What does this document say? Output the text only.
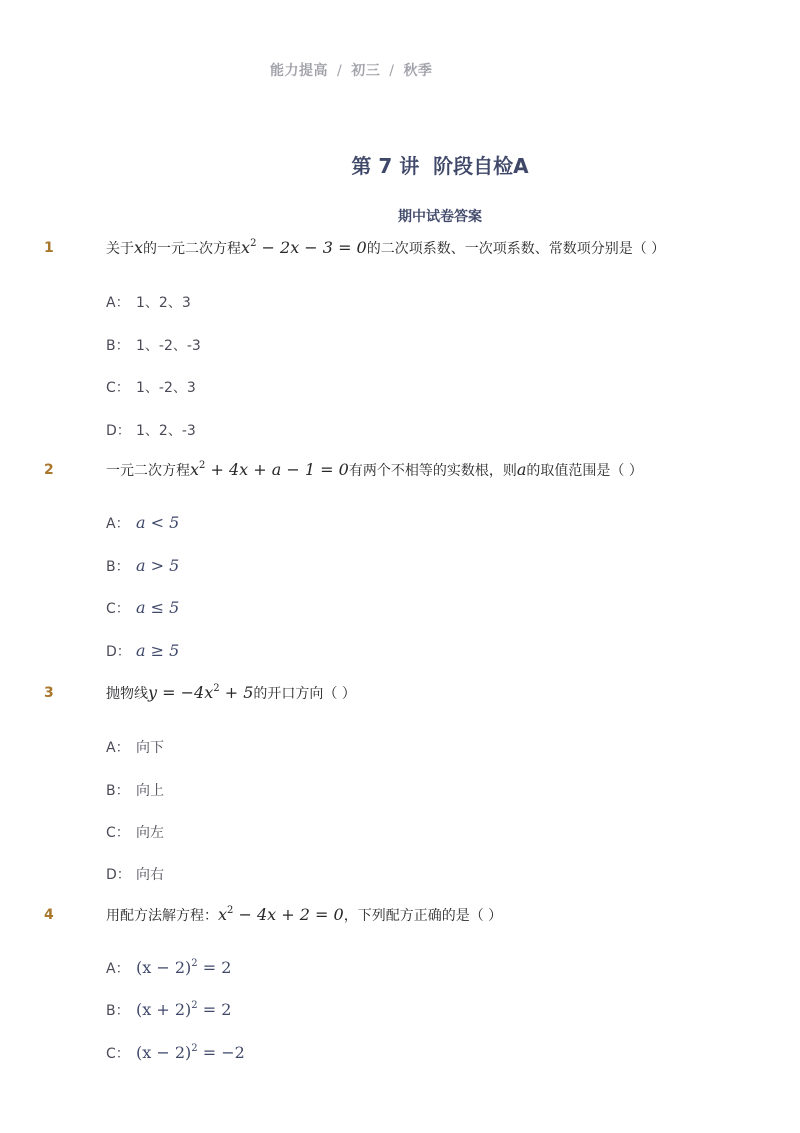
能力提高 / 初三 / 秋季
第 7 讲  阶段自检A
期中试卷答案
1	关于x的一元二次方程$x^2 - 2x - 3 = 0$的二次项系数、一次项系数、常数项分别是（ ）
A： 1、2、3
B： 1、-2、-3
C： 1、-2、3
D： 1、2、-3
2	一元二次方程$x^2 + 4x + a - 1 = 0$有两个不相等的实数根，则a的取值范围是（ ）
A： a < 5
B： a > 5
C： a ≤ 5
D： a ≥ 5
3	抛物线$y = -4x^2 + 5$的开口方向（ ）
A： 向下
B： 向上
C： 向左
D： 向右
4	用配方法解方程：$x^2 - 4x + 2 = 0$，下列配方正确的是（ ）
A： $(x - 2)^2 = 2$
B： $(x + 2)^2 = 2$
C： $(x - 2)^2 = -2$
